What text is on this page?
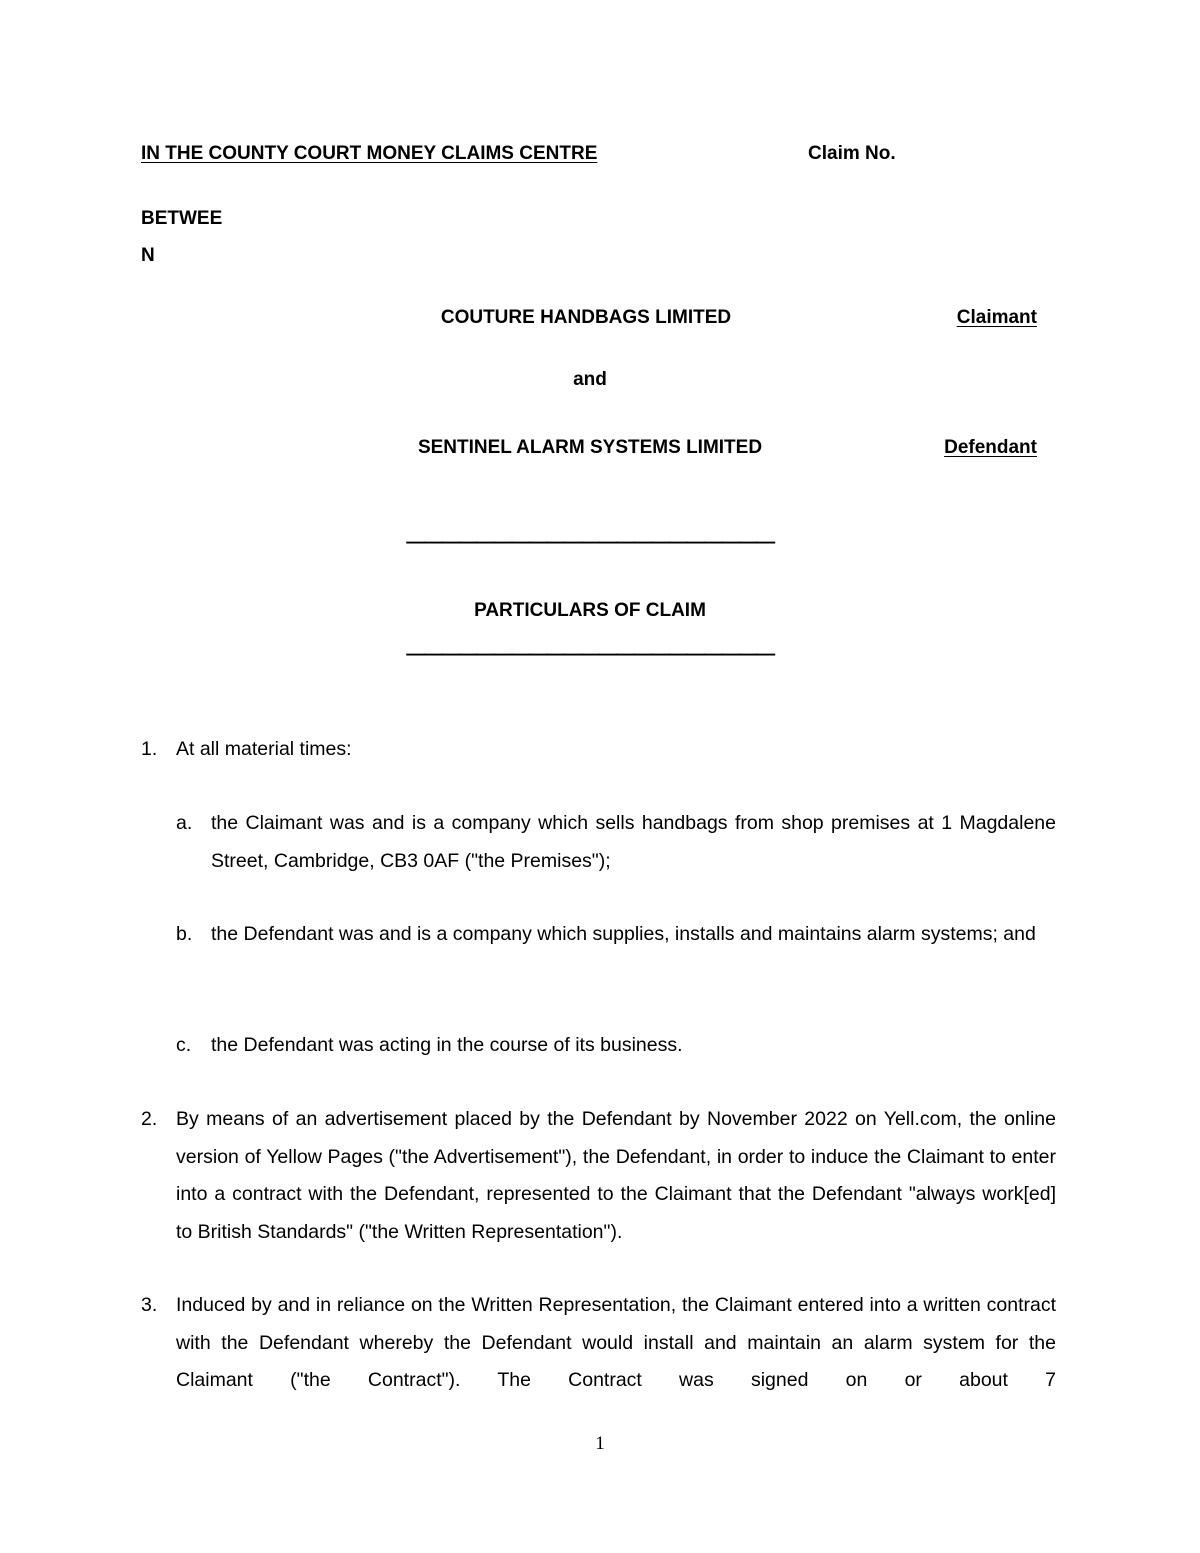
IN THE COUNTY COURT MONEY CLAIMS CENTRE	Claim No.
BETWEE
N
COUTURE HANDBAGS LIMITED	Claimant
and
SENTINEL ALARM SYSTEMS LIMITED	Defendant
—————————————————————
PARTICULARS OF CLAIM
—————————————————————
1. At all material times:
a. the Claimant was and is a company which sells handbags from shop premises at 1 Magdalene Street, Cambridge, CB3 0AF ("the Premises");
b. the Defendant was and is a company which supplies, installs and maintains alarm systems; and
c. the Defendant was acting in the course of its business.
2. By means of an advertisement placed by the Defendant by November 2022 on Yell.com, the online version of Yellow Pages ("the Advertisement"), the Defendant, in order to induce the Claimant to enter into a contract with the Defendant, represented to the Claimant that the Defendant "always work[ed] to British Standards" ("the Written Representation").
3. Induced by and in reliance on the Written Representation, the Claimant entered into a written contract with the Defendant whereby the Defendant would install and maintain an alarm system for the Claimant ("the Contract"). The Contract was signed on or about 7
1
